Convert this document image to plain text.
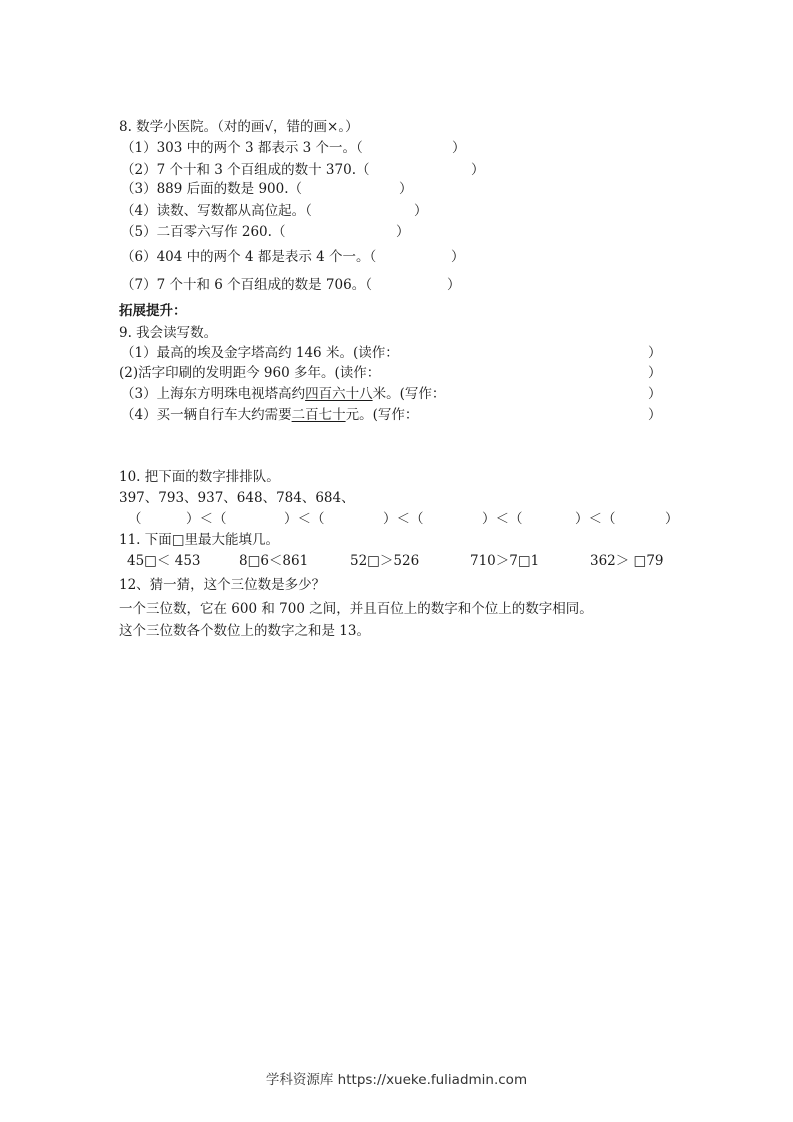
8. 数学小医院。（对的画√，错的画×。）
（1）303 中的两个 3 都表示 3 个一。（	）
（2）7 个十和 3 个百组成的数十 370.（	）
（3）889 后面的数是 900.（	）
（4）读数、写数都从高位起。（	）
（5）二百零六写作 260.（	）
（6）404 中的两个 4 都是表示 4 个一。（	）
（7）7 个十和 6 个百组成的数是 706。（	）
拓展提升：
9. 我会读写数。
（1）最高的埃及金字塔高约 146 米。(读作：	）
(2)活字印刷的发明距今 960 多年。(读作：	）
（3）上海东方明珠电视塔高约四百六十八米。(写作：	）
（4）买一辆自行车大约需要二百七十元。(写作：	）
10. 把下面的数字排排队。
397、793、937、648、784、684、
（	）＜（	）＜（	）＜（	）＜（	）＜（	）
11. 下面□里最大能填几。
45□＜ 453	8□6＜861	52□＞526	710＞7□1	362＞ □79
12、猜一猜，这个三位数是多少？
一个三位数，它在 600 和 700 之间，并且百位上的数字和个位上的数字相同。
这个三位数各个数位上的数字之和是 13。
学科资源库 https://xueke.fuliadmin.com
